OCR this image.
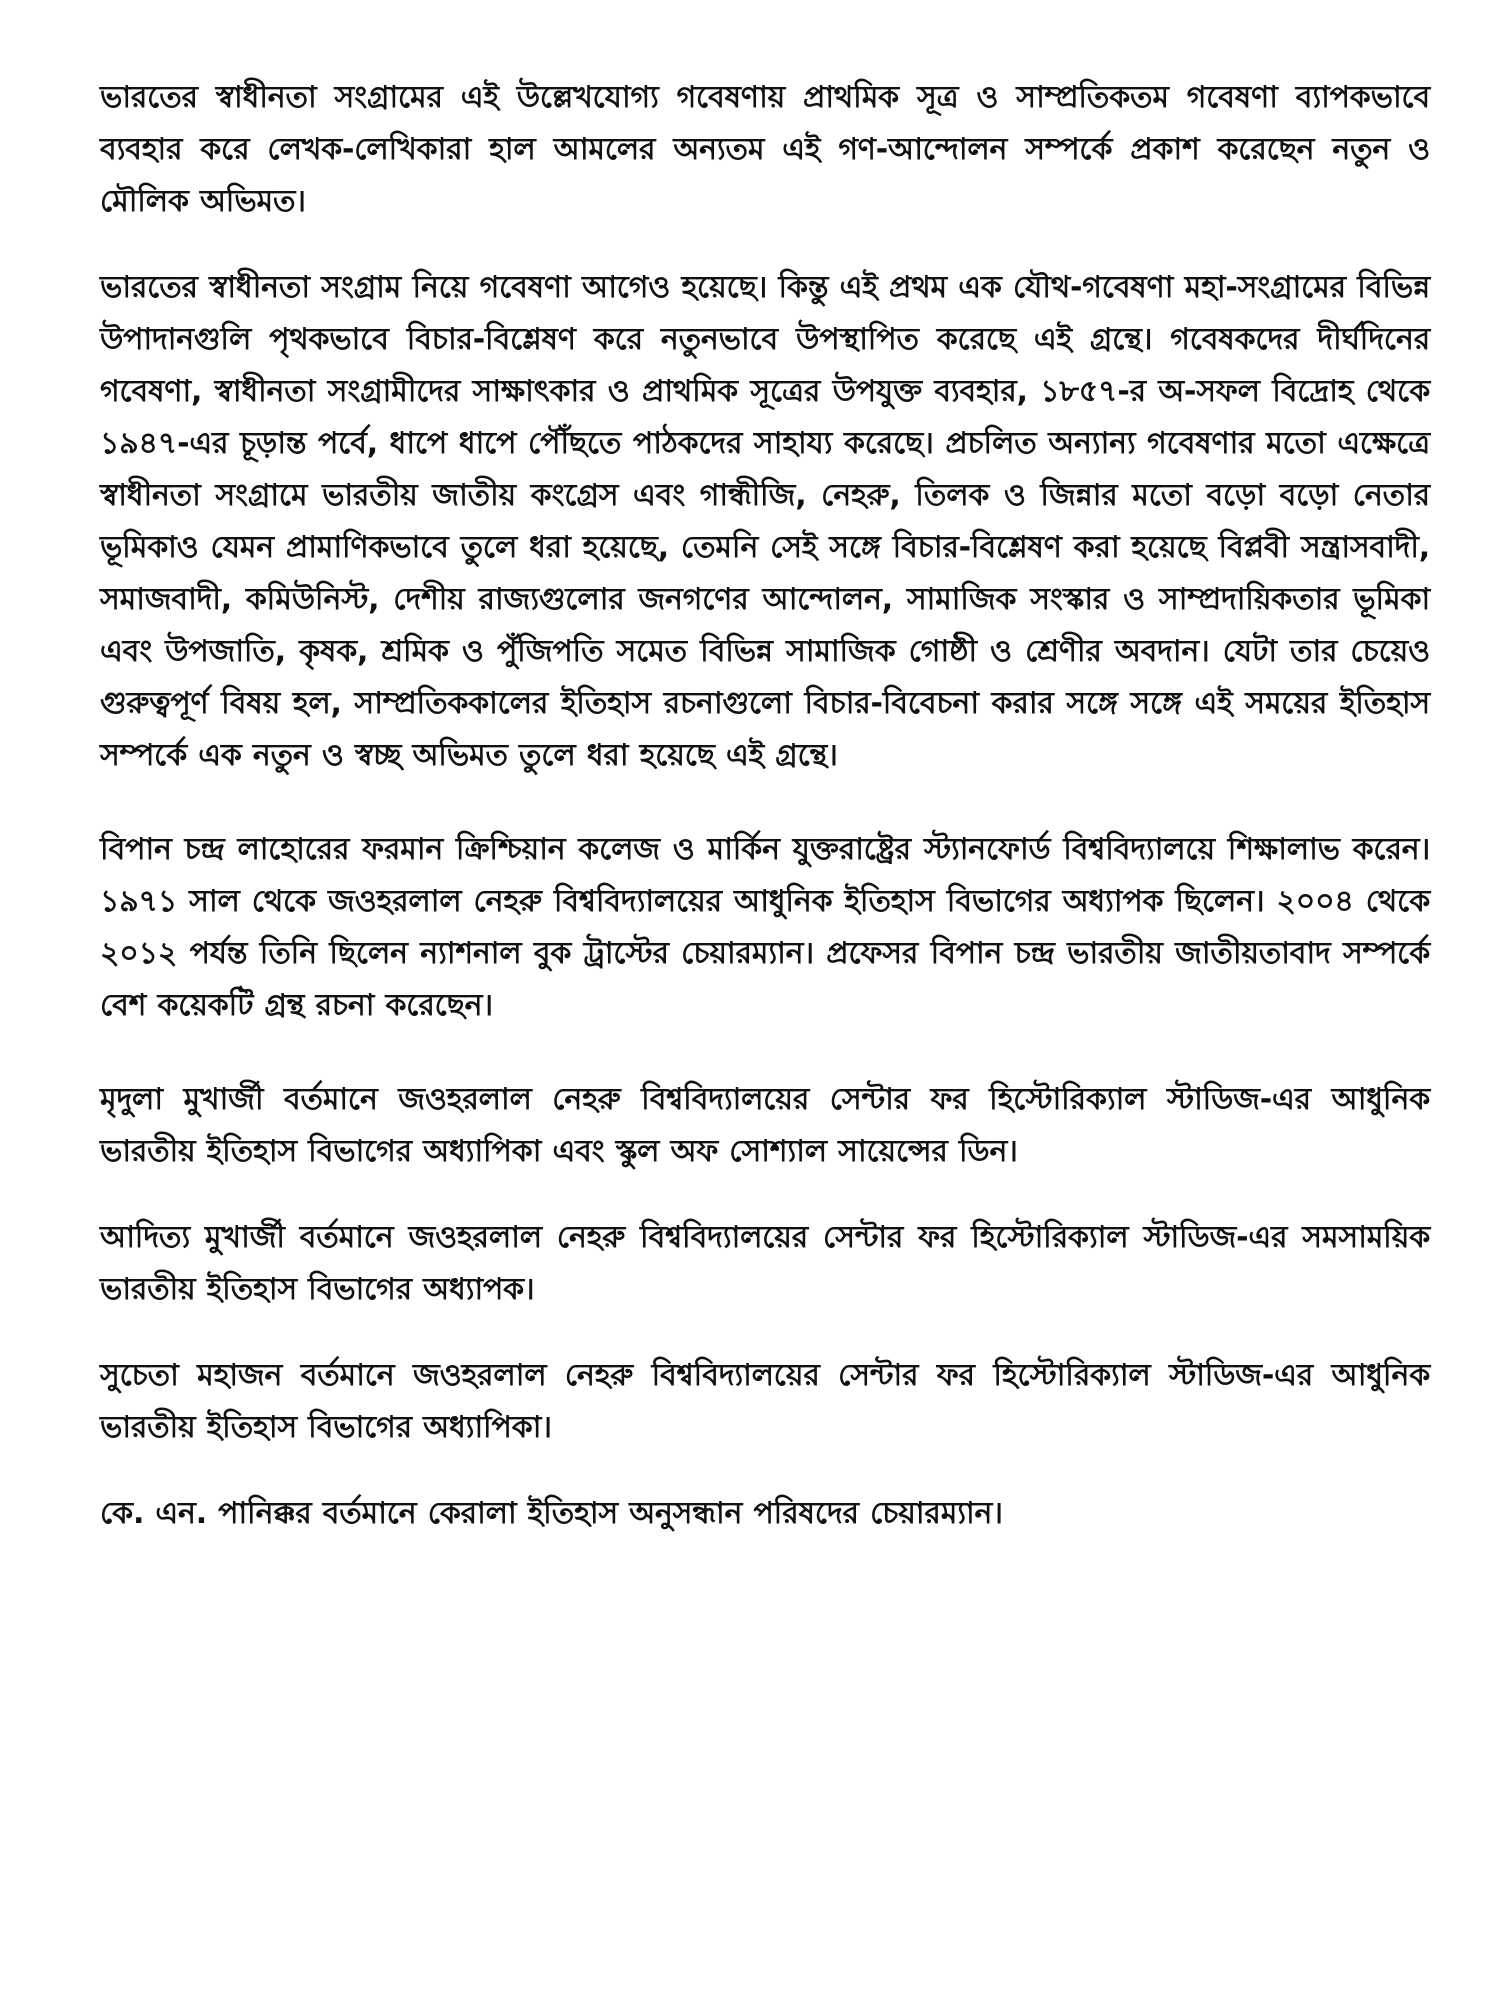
ভারতের স্বাধীনতা সংগ্রামের এই উল্লেখযোগ্য গবেষণায় প্রাথমিক সূত্র ও সাম্প্রতিকতম গবেষণা ব্যাপকভাবে ব্যবহার করে লেখক-লেখিকারা হাল আমলের অন্যতম এই গণ-আন্দোলন সম্পর্কে প্রকাশ করেছেন নতুন ও মৌলিক অভিমত।

ভারতের স্বাধীনতা সংগ্রাম নিয়ে গবেষণা আগেও হয়েছে। কিন্তু এই প্রথম এক যৌথ-গবেষণা মহা-সংগ্রামের বিভিন্ন উপাদানগুলি পৃথকভাবে বিচার-বিশ্লেষণ করে নতুনভাবে উপস্থাপিত করেছে এই গ্রন্থে। গবেষকদের দীর্ঘদিনের গবেষণা, স্বাধীনতা সংগ্রামীদের সাক্ষাৎকার ও প্রাথমিক সূত্রের উপযুক্ত ব্যবহার, ১৮৫৭-র অ-সফল বিদ্রোহ থেকে ১৯৪৭-এর চূড়ান্ত পর্বে, ধাপে ধাপে পৌঁছতে পাঠকদের সাহায্য করেছে। প্রচলিত অন্যান্য গবেষণার মতো এক্ষেত্রে স্বাধীনতা সংগ্রামে ভারতীয় জাতীয় কংগ্রেস এবং গান্ধীজি, নেহরু, তিলক ও জিন্নার মতো বড়ো বড়ো নেতার ভূমিকাও যেমন প্রামাণিকভাবে তুলে ধরা হয়েছে, তেমনি সেই সঙ্গে বিচার-বিশ্লেষণ করা হয়েছে বিপ্লবী সন্ত্রাসবাদী, সমাজবাদী, কমিউনিস্ট, দেশীয় রাজ্যগুলোর জনগণের আন্দোলন, সামাজিক সংস্কার ও সাম্প্রদায়িকতার ভূমিকা এবং উপজাতি, কৃষক, শ্রমিক ও পুঁজিপতি সমেত বিভিন্ন সামাজিক গোষ্ঠী ও শ্রেণীর অবদান। যেটা তার চেয়েও গুরুত্বপূর্ণ বিষয় হল, সাম্প্রতিককালের ইতিহাস রচনাগুলো বিচার-বিবেচনা করার সঙ্গে সঙ্গে এই সময়ের ইতিহাস সম্পর্কে এক নতুন ও স্বচ্ছ অভিমত তুলে ধরা হয়েছে এই গ্রন্থে।

বিপান চন্দ্র লাহোরের ফরমান ক্রিশ্চিয়ান কলেজ ও মার্কিন যুক্তরাষ্ট্রের স্ট্যানফোর্ড বিশ্ববিদ্যালয়ে শিক্ষালাভ করেন। ১৯৭১ সাল থেকে জওহরলাল নেহরু বিশ্ববিদ্যালয়ের আধুনিক ইতিহাস বিভাগের অধ্যাপক ছিলেন। ২০০৪ থেকে ২০১২ পর্যন্ত তিনি ছিলেন ন্যাশনাল বুক ট্রাস্টের চেয়ারম্যান। প্রফেসর বিপান চন্দ্র ভারতীয় জাতীয়তাবাদ সম্পর্কে বেশ কয়েকটি গ্রন্থ রচনা করেছেন।

মৃদুলা মুখার্জী বর্তমানে জওহরলাল নেহরু বিশ্ববিদ্যালয়ের সেন্টার ফর হিস্টোরিক্যাল স্টাডিজ-এর আধুনিক ভারতীয় ইতিহাস বিভাগের অধ্যাপিকা এবং স্কুল অফ সোশ্যাল সায়েন্সের ডিন।

আদিত্য মুখার্জী বর্তমানে জওহরলাল নেহরু বিশ্ববিদ্যালয়ের সেন্টার ফর হিস্টোরিক্যাল স্টাডিজ-এর সমসাময়িক ভারতীয় ইতিহাস বিভাগের অধ্যাপক।

সুচেতা মহাজন বর্তমানে জওহরলাল নেহরু বিশ্ববিদ্যালয়ের সেন্টার ফর হিস্টোরিক্যাল স্টাডিজ-এর আধুনিক ভারতীয় ইতিহাস বিভাগের অধ্যাপিকা।

কে. এন. পানিক্কর বর্তমানে কেরালা ইতিহাস অনুসন্ধান পরিষদের চেয়ারম্যান।
